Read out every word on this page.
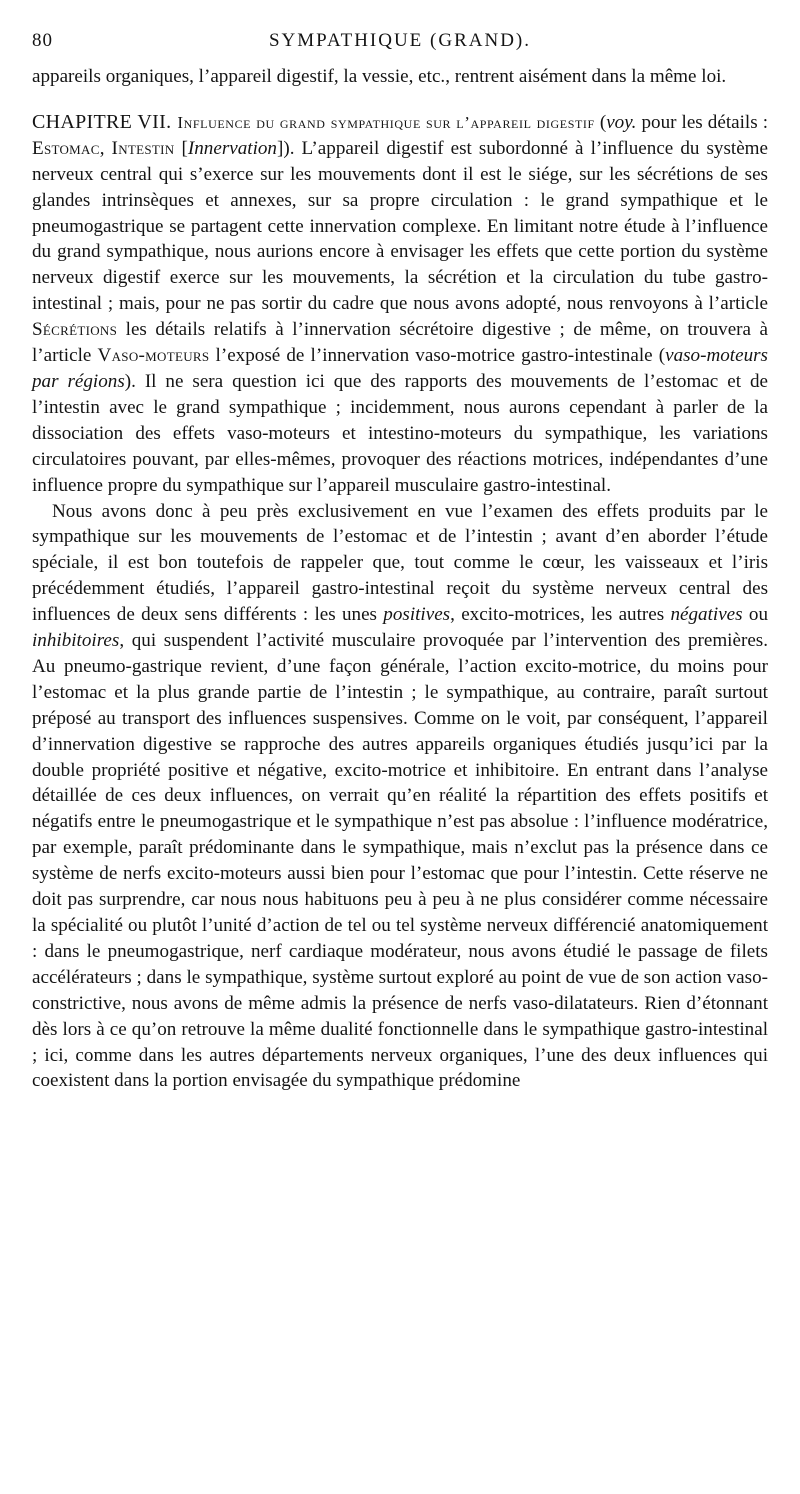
80	SYMPATHIQUE (GRAND).

appareils organiques, l’appareil digestif, la vessie, etc., rentrent aisément dans la même loi.

CHAPITRE VII. Influence du grand sympathique sur l’appareil digestif (voy. pour les détails : Estomac, Intestin [Innervation]). L’appareil digestif est subordonné à l’influence du système nerveux central qui s’exerce sur les mouvements dont il est le siége, sur les sécrétions de ses glandes intrinsèques et annexes, sur sa propre circulation : le grand sympathique et le pneumogastrique se partagent cette innervation complexe. En limitant notre étude à l’influence du grand sympathique, nous aurions encore à envisager les effets que cette portion du système nerveux digestif exerce sur les mouvements, la sécrétion et la circulation du tube gastro-intestinal ; mais, pour ne pas sortir du cadre que nous avons adopté, nous renvoyons à l’article Sécrétions les détails relatifs à l’innervation sécrétoire digestive ; de même, on trouvera à l’article Vaso-moteurs l’exposé de l’innervation vaso-motrice gastro-intestinale (vaso-moteurs par régions). Il ne sera question ici que des rapports des mouvements de l’estomac et de l’intestin avec le grand sympathique ; incidemment, nous aurons cependant à parler de la dissociation des effets vaso-moteurs et intestino-moteurs du sympathique, les variations circulatoires pouvant, par elles-mêmes, provoquer des réactions motrices, indépendantes d’une influence propre du sympathique sur l’appareil musculaire gastro-intestinal.

Nous avons donc à peu près exclusivement en vue l’examen des effets produits par le sympathique sur les mouvements de l’estomac et de l’intestin ; avant d’en aborder l’étude spéciale, il est bon toutefois de rappeler que, tout comme le cœur, les vaisseaux et l’iris précédemment étudiés, l’appareil gastro-intestinal reçoit du système nerveux central des influences de deux sens différents : les unes positives, excito-motrices, les autres négatives ou inhibitoires, qui suspendent l’activité musculaire provoquée par l’intervention des premières. Au pneumo-gastrique revient, d’une façon générale, l’action excito-motrice, du moins pour l’estomac et la plus grande partie de l’intestin ; le sympathique, au contraire, paraît surtout préposé au transport des influences suspensives. Comme on le voit, par conséquent, l’appareil d’innervation digestive se rapproche des autres appareils organiques étudiés jusqu’ici par la double propriété positive et négative, excito-motrice et inhibitoire. En entrant dans l’analyse détaillée de ces deux influences, on verrait qu’en réalité la répartition des effets positifs et négatifs entre le pneumogastrique et le sympathique n’est pas absolue : l’influence modératrice, par exemple, paraît prédominante dans le sympathique, mais n’exclut pas la présence dans ce système de nerfs excito-moteurs aussi bien pour l’estomac que pour l’intestin. Cette réserve ne doit pas surprendre, car nous nous habituons peu à peu à ne plus considérer comme nécessaire la spécialité ou plutôt l’unité d’action de tel ou tel système nerveux différencié anatomiquement : dans le pneumogastrique, nerf cardiaque modérateur, nous avons étudié le passage de filets accélérateurs ; dans le sympathique, système surtout exploré au point de vue de son action vaso-constrictive, nous avons de même admis la présence de nerfs vaso-dilatateurs. Rien d’étonnant dès lors à ce qu’on retrouve la même dualité fonctionnelle dans le sympathique gastro-intestinal ; ici, comme dans les autres départements nerveux organiques, l’une des deux influences qui coexistent dans la portion envisagée du sympathique prédomine
